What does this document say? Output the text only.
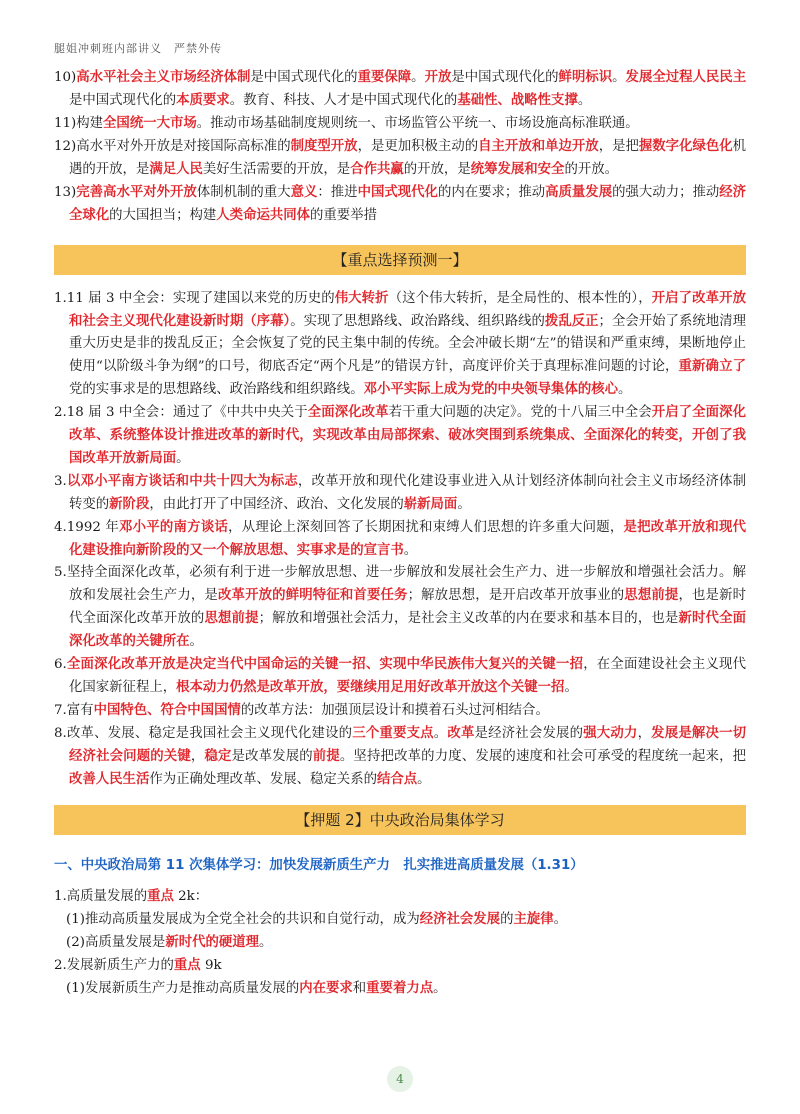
腿姐冲刺班内部讲义　严禁外传

10)高水平社会主义市场经济体制是中国式现代化的重要保障。开放是中国式现代化的鲜明标识。发展全过程人民民主是中国式现代化的本质要求。教育、科技、人才是中国式现代化的基础性、战略性支撑。

11)构建全国统一大市场。推动市场基础制度规则统一、市场监管公平统一、市场设施高标准联通。

12)高水平对外开放是对接国际高标准的制度型开放，是更加积极主动的自主开放和单边开放，是把握数字化绿色化机遇的开放，是满足人民美好生活需要的开放，是合作共赢的开放，是统筹发展和安全的开放。

13)完善高水平对外开放体制机制的重大意义：推进中国式现代化的内在要求；推动高质量发展的强大动力；推动经济全球化的大国担当；构建人类命运共同体的重要举措

【重点选择预测一】

1.11 届 3 中全会：实现了建国以来党的历史的伟大转折（这个伟大转折，是全局性的、根本性的），开启了改革开放和社会主义现代化建设新时期（序幕）。实现了思想路线、政治路线、组织路线的拨乱反正；全会开始了系统地清理重大历史是非的拨乱反正；全会恢复了党的民主集中制的传统。全会冲破长期“左”的错误和严重束缚，果断地停止使用“以阶级斗争为纲”的口号，彻底否定“两个凡是”的错误方针，高度评价关于真理标准问题的讨论，重新确立了党的实事求是的思想路线、政治路线和组织路线。邓小平实际上成为党的中央领导集体的核心。

2.18 届 3 中全会：通过了《中共中央关于全面深化改革若干重大问题的决定》。党的十八届三中全会开启了全面深化改革、系统整体设计推进改革的新时代，实现改革由局部探索、破冰突围到系统集成、全面深化的转变，开创了我国改革开放新局面。

3.以邓小平南方谈话和中共十四大为标志，改革开放和现代化建设事业进入从计划经济体制向社会主义市场经济体制转变的新阶段，由此打开了中国经济、政治、文化发展的崭新局面。

4.1992 年邓小平的南方谈话，从理论上深刻回答了长期困扰和束缚人们思想的许多重大问题，是把改革开放和现代化建设推向新阶段的又一个解放思想、实事求是的宣言书。

5.坚持全面深化改革，必须有利于进一步解放思想、进一步解放和发展社会生产力、进一步解放和增强社会活力。解放和发展社会生产力，是改革开放的鲜明特征和首要任务；解放思想，是开启改革开放事业的思想前提，也是新时代全面深化改革开放的思想前提；解放和增强社会活力，是社会主义改革的内在要求和基本目的，也是新时代全面深化改革的关键所在。

6.全面深化改革开放是决定当代中国命运的关键一招、实现中华民族伟大复兴的关键一招，在全面建设社会主义现代化国家新征程上，根本动力仍然是改革开放，要继续用足用好改革开放这个关键一招。

7.富有中国特色、符合中国国情的改革方法：加强顶层设计和摸着石头过河相结合。

8.改革、发展、稳定是我国社会主义现代化建设的三个重要支点。改革是经济社会发展的强大动力，发展是解决一切经济社会问题的关键，稳定是改革发展的前提。坚持把改革的力度、发展的速度和社会可承受的程度统一起来，把改善人民生活作为正确处理改革、发展、稳定关系的结合点。

【押题 2】中央政治局集体学习
一、中央政治局第 11 次集体学习：加快发展新质生产力　扎实推进高质量发展（1.31）

1.高质量发展的重点 2k：

(1)推动高质量发展成为全党全社会的共识和自觉行动，成为经济社会发展的主旋律。

(2)高质量发展是新时代的硬道理。

2.发展新质生产力的重点 9k

(1)发展新质生产力是推动高质量发展的内在要求和重要着力点。

4
